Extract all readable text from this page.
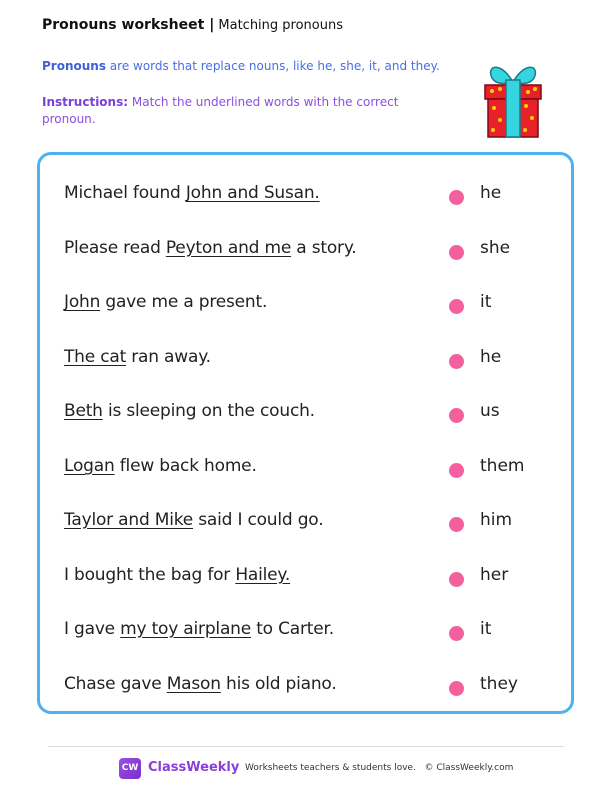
Pronouns worksheet | Matching pronouns
Pronouns are words that replace nouns, like he, she, it, and they.
Instructions: Match the underlined words with the correct pronoun.
Michael found John and Susan.	he
Please read Peyton and me a story.	she
John gave me a present.	it
The cat ran away.	he
Beth is sleeping on the couch.	us
Logan flew back home.	them
Taylor and Mike said I could go.	him
I bought the bag for Hailey.	her
I gave my toy airplane to Carter.	it
Chase gave Mason his old piano.	they
CW ClassWeekly Worksheets teachers & students love. © ClassWeekly.com
